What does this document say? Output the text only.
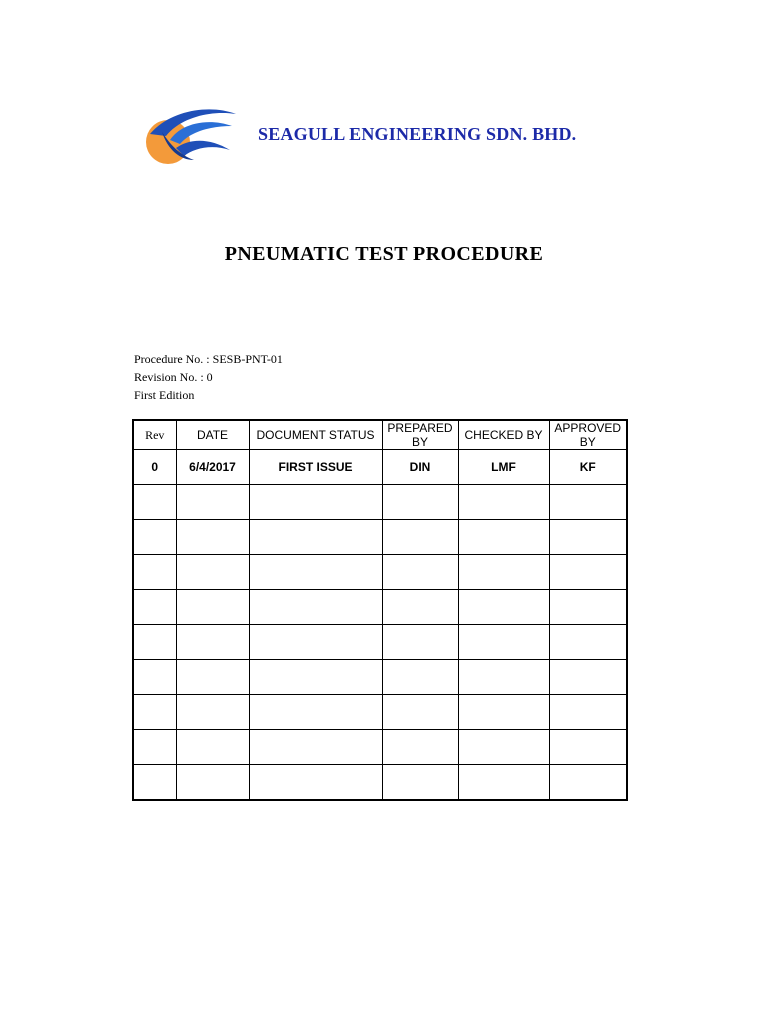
SEAGULL ENGINEERING SDN. BHD.
PNEUMATIC TEST PROCEDURE
Procedure No. : SESB-PNT-01
Revision No. : 0
First Edition
Rev	DATE	DOCUMENT STATUS	PREPARED BY	CHECKED BY	APPROVED BY
0	6/4/2017	FIRST ISSUE	DIN	LMF	KF
